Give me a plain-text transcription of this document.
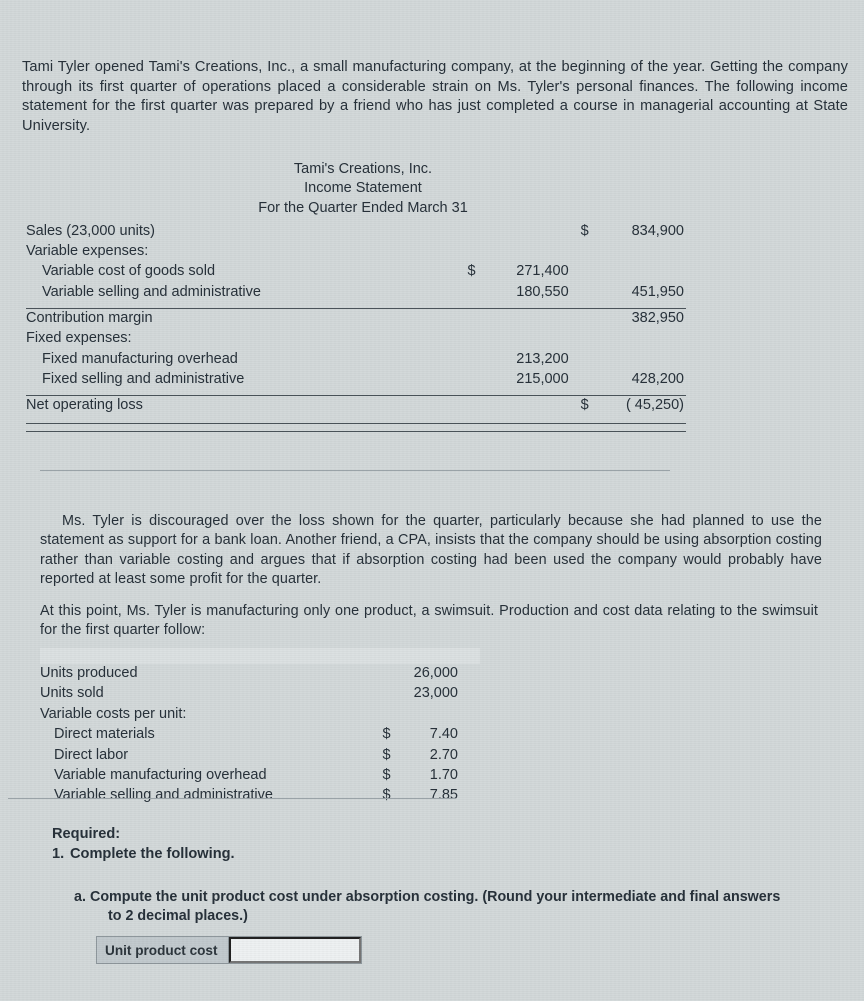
Tami Tyler opened Tami's Creations, Inc., a small manufacturing company, at the beginning of the year. Getting the company through its first quarter of operations placed a considerable strain on Ms. Tyler's personal finances. The following income statement for the first quarter was prepared by a friend who has just completed a course in managerial accounting at State University.
Tami's Creations, Inc.
Income Statement
For the Quarter Ended March 31
Sales (23,000 units)		$ 834,900
Variable expenses:		
Variable cost of goods sold	$ 271,400	
Variable selling and administrative	180,550	451,950

Contribution margin		382,950
Fixed expenses:		
Fixed manufacturing overhead	213,200	
Fixed selling and administrative	215,000	428,200

Net operating loss		$ ( 45,250)

Ms. Tyler is discouraged over the loss shown for the quarter, particularly because she had planned to use the statement as support for a bank loan. Another friend, a CPA, insists that the company should be using absorption costing rather than variable costing and argues that if absorption costing had been used the company would probably have reported at least some profit for the quarter.
At this point, Ms. Tyler is manufacturing only one product, a swimsuit. Production and cost data relating to the swimsuit for the first quarter follow:
Units produced	26,000	
Units sold	23,000	
Variable costs per unit:		
Direct materials	$	7.40
Direct labor	$	2.70
Variable manufacturing overhead	$	1.70
Variable selling and administrative	$	7.85
Required:
1. Complete the following.
a. Compute the unit product cost under absorption costing. (Round your intermediate and final answers
to 2 decimal places.)
Unit product cost
